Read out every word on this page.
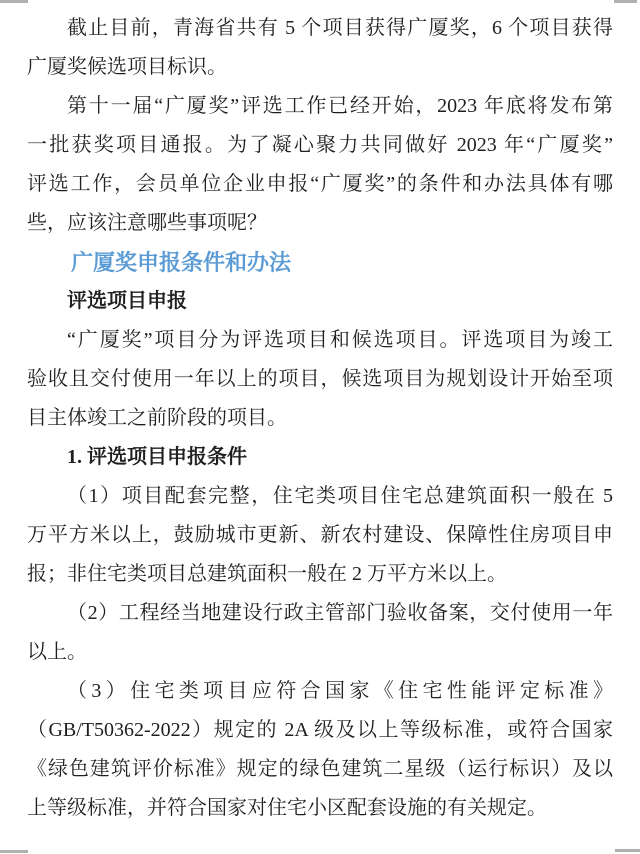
截止目前，青海省共有 5 个项目获得广厦奖，6 个项目获得
广厦奖候选项目标识。
第十一届“广厦奖”评选工作已经开始，2023 年底将发布第
一批获奖项目通报。为了凝心聚力共同做好 2023 年“广厦奖”
评选工作，会员单位企业申报“广厦奖”的条件和办法具体有哪
些，应该注意哪些事项呢？
广厦奖申报条件和办法
评选项目申报
“广厦奖”项目分为评选项目和候选项目。评选项目为竣工
验收且交付使用一年以上的项目，候选项目为规划设计开始至项
目主体竣工之前阶段的项目。
1. 评选项目申报条件
（1）项目配套完整，住宅类项目住宅总建筑面积一般在 5
万平方米以上，鼓励城市更新、新农村建设、保障性住房项目申
报；非住宅类项目总建筑面积一般在 2 万平方米以上。
（2）工程经当地建设行政主管部门验收备案，交付使用一年
以上。
（3）住宅类项目应符合国家《住宅性能评定标准》
（GB/T50362-2022）规定的 2A 级及以上等级标准，或符合国家
《绿色建筑评价标准》规定的绿色建筑二星级（运行标识）及以
上等级标准，并符合国家对住宅小区配套设施的有关规定。
